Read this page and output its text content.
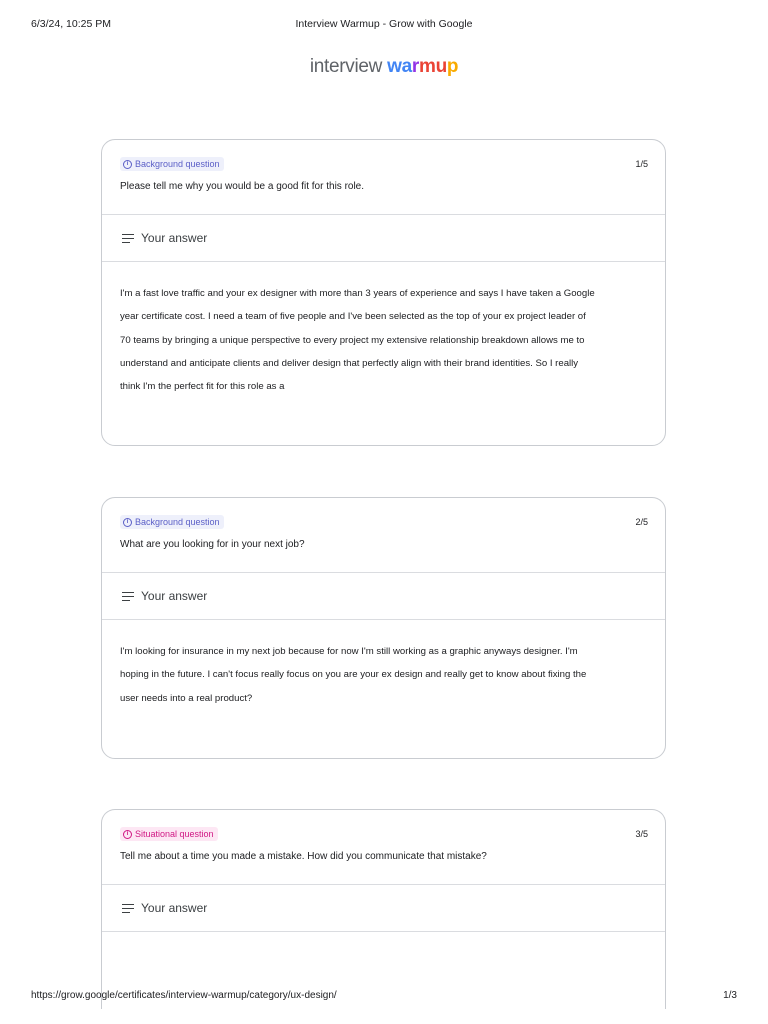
6/3/24, 10:25 PM	Interview Warmup - Grow with Google
interview warmup
i Background question	1/5
Please tell me why you would be a good fit for this role.
Your answer
I'm a fast love traffic and your ex designer with more than 3 years of experience and says I have taken a Google
year certificate cost. I need a team of five people and I've been selected as the top of your ex project leader of
70 teams by bringing a unique perspective to every project my extensive relationship breakdown allows me to
understand and anticipate clients and deliver design that perfectly align with their brand identities. So I really
think I'm the perfect fit for this role as a
i Background question	2/5
What are you looking for in your next job?
Your answer
I'm looking for insurance in my next job because for now I'm still working as a graphic anyways designer. I'm
hoping in the future. I can't focus really focus on you are your ex design and really get to know about fixing the
user needs into a real product?
i Situational question	3/5
Tell me about a time you made a mistake. How did you communicate that mistake?
Your answer
https://grow.google/certificates/interview-warmup/category/ux-design/	1/3
